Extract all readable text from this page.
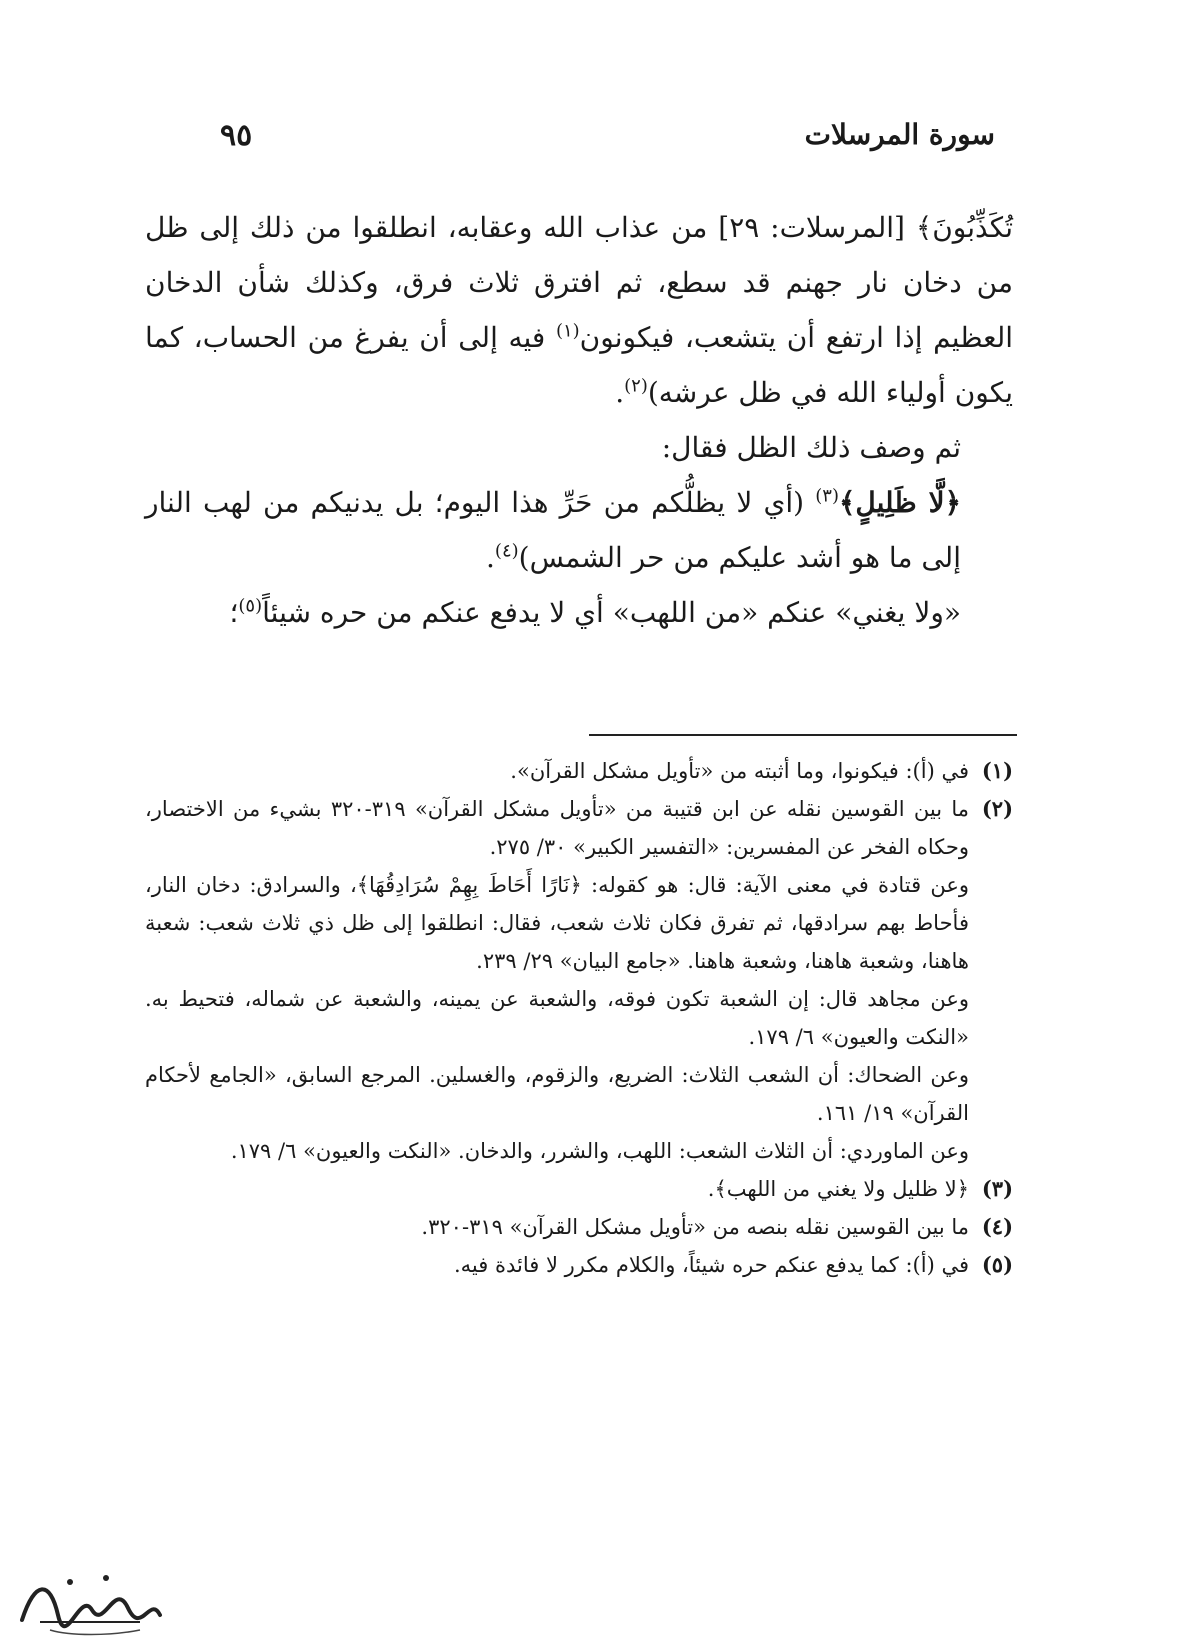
سورة المرسلات
٩٥

تُكَذِّبُونَ﴾ [المرسلات: ٢٩] من عذاب الله وعقابه، انطلقوا من ذلك إلى ظل من دخان نار جهنم قد سطع، ثم افترق ثلاث فرق، وكذلك شأن الدخان العظيم إذا ارتفع أن يتشعب، فيكونون$^{(١)}$ فيه إلى أن يفرغ من الحساب، كما يكون أولياء الله في ظل عرشه)$^{(٢)}$.

ثم وصف ذلك الظل فقال:

﴿لَّا ظَلِيلٍ﴾$^{(٣)}$ (أي لا يظلُّكم من حَرِّ هذا اليوم؛ بل يدنيكم من لهب النار إلى ما هو أشد عليكم من حر الشمس)$^{(٤)}$.

«ولا يغني» عنكم «من اللهب» أي لا يدفع عنكم من حره شيئاً$^{(٥)}$؛

(١)

في (أ): فيكونوا، وما أثبته من «تأويل مشكل القرآن».

(٢)

ما بين القوسين نقله عن ابن قتيبة من «تأويل مشكل القرآن» ٣١٩-٣٢٠ بشيء من الاختصار، وحكاه الفخر عن المفسرين: «التفسير الكبير» ٣٠/ ٢٧٥.

وعن قتادة في معنى الآية: قال: هو كقوله: ﴿نَارًا أَحَاطَ بِهِمْ سُرَادِقُهَا﴾، والسرادق: دخان النار، فأحاط بهم سرادقها، ثم تفرق فكان ثلاث شعب، فقال: انطلقوا إلى ظل ذي ثلاث شعب: شعبة هاهنا، وشعبة هاهنا، وشعبة هاهنا. «جامع البيان» ٢٩/ ٢٣٩.

وعن مجاهد قال: إن الشعبة تكون فوقه، والشعبة عن يمينه، والشعبة عن شماله، فتحيط به. «النكت والعيون» ٦/ ١٧٩.

وعن الضحاك: أن الشعب الثلاث: الضريع، والزقوم، والغسلين. المرجع السابق، «الجامع لأحكام القرآن» ١٩/ ١٦١.

وعن الماوردي: أن الثلاث الشعب: اللهب، والشرر، والدخان. «النكت والعيون» ٦/ ١٧٩.

(٣)

﴿لا ظليل ولا يغني من اللهب﴾.

(٤)

ما بين القوسين نقله بنصه من «تأويل مشكل القرآن» ٣١٩-٣٢٠.

(٥)

في (أ): كما يدفع عنكم حره شيئاً، والكلام مكرر لا فائدة فيه.
